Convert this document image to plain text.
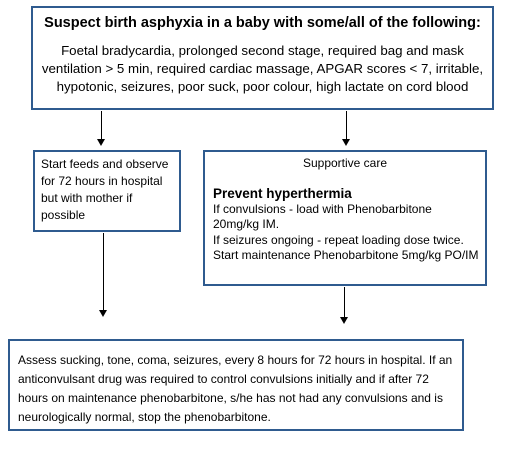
Suspect birth asphyxia in a baby with some/all of the following:
Foetal bradycardia, prolonged second stage, required bag and mask ventilation > 5 min, required cardiac massage, APGAR scores < 7, irritable, hypotonic, seizures, poor suck, poor colour, high lactate on cord blood
Start feeds and observe for 72 hours in hospital but with mother if possible
Supportive care
Prevent hyperthermia
If convulsions - load with Phenobarbitone 20mg/kg IM.
If seizures ongoing - repeat loading dose twice. Start maintenance Phenobarbitone 5mg/kg PO/IM
Assess sucking, tone, coma, seizures, every 8 hours for 72 hours in hospital. If an anticonvulsant drug was required to control convulsions initially and if after 72 hours on maintenance phenobarbitone, s/he has not had any convulsions and is neurologically normal, stop the phenobarbitone.
